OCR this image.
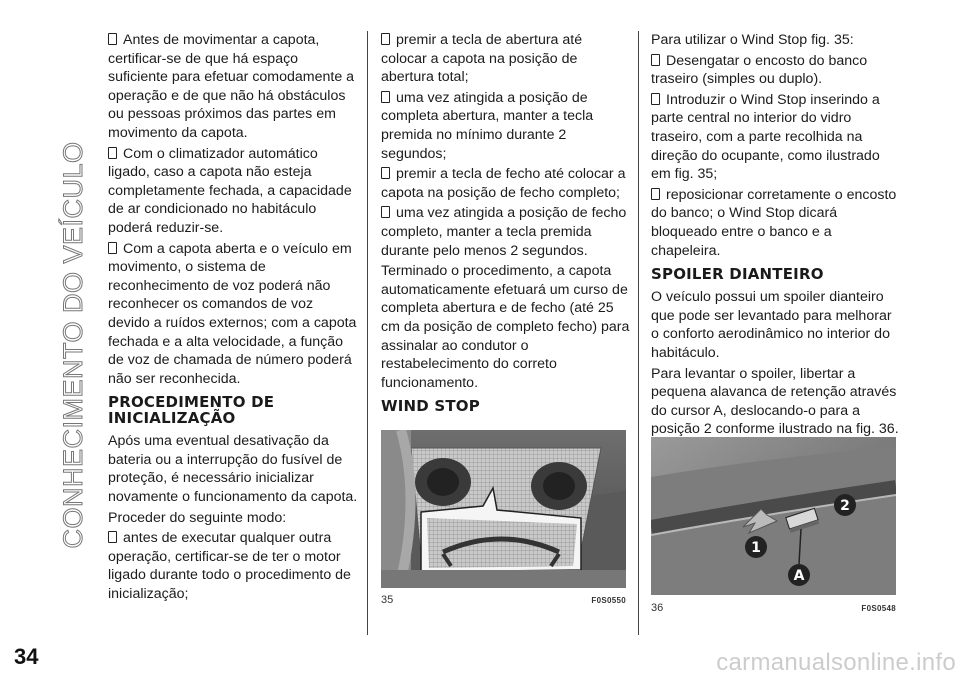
CONHECIMENTO DO VEÍCULO

Antes de movimentar a capota, certificar-se de que há espaço suficiente para efetuar comodamente a operação e de que não há obstáculos ou pessoas próximos das partes em movimento da capota.

Com o climatizador automático ligado, caso a capota não esteja completamente fechada, a capacidade de ar condicionado no habitáculo poderá reduzir-se.

Com a capota aberta e o veículo em movimento, o sistema de reconhecimento de voz poderá não reconhecer os comandos de voz devido a ruídos externos; com a capota fechada e a alta velocidade, a função de voz de chamada de número poderá não ser reconhecida.

PROCEDIMENTO DE INICIALIZAÇÃO

Após uma eventual desativação da bateria ou a interrupção do fusível de proteção, é necessário inicializar novamente o funcionamento da capota.

Proceder do seguinte modo:

antes de executar qualquer outra operação, certificar-se de ter o motor ligado durante todo o procedimento de inicialização;

premir a tecla de abertura até colocar a capota na posição de abertura total;

uma vez atingida a posição de completa abertura, manter a tecla premida no mínimo durante 2 segundos;

premir a tecla de fecho até colocar a capota na posição de fecho completo;

uma vez atingida a posição de fecho completo, manter a tecla premida durante pelo menos 2 segundos.

Terminado o procedimento, a capota automaticamente efetuará um curso de completa abertura e de fecho (até 25 cm da posição de completo fecho) para assinalar ao condutor o restabelecimento do correto funcionamento.

WIND STOP
35	F0S0550

Para utilizar o Wind Stop fig. 35:

Desengatar o encosto do banco traseiro (simples ou duplo).

Introduzir o Wind Stop inserindo a parte central no interior do vidro traseiro, com a parte recolhida na direção do ocupante, como ilustrado em fig. 35;

reposicionar corretamente o encosto do banco; o Wind Stop dicará bloqueado entre o banco e a chapeleira.

SPOILER DIANTEIRO

O veículo possui um spoiler dianteiro que pode ser levantado para melhorar o conforto aerodinâmico no interior do habitáculo.

Para levantar o spoiler, libertar a pequena alavanca de retenção através do cursor A, deslocando-o para a posição 2 conforme ilustrado na fig. 36.

2
1
A
36	F0S0548
34	carmanualsonline.info
